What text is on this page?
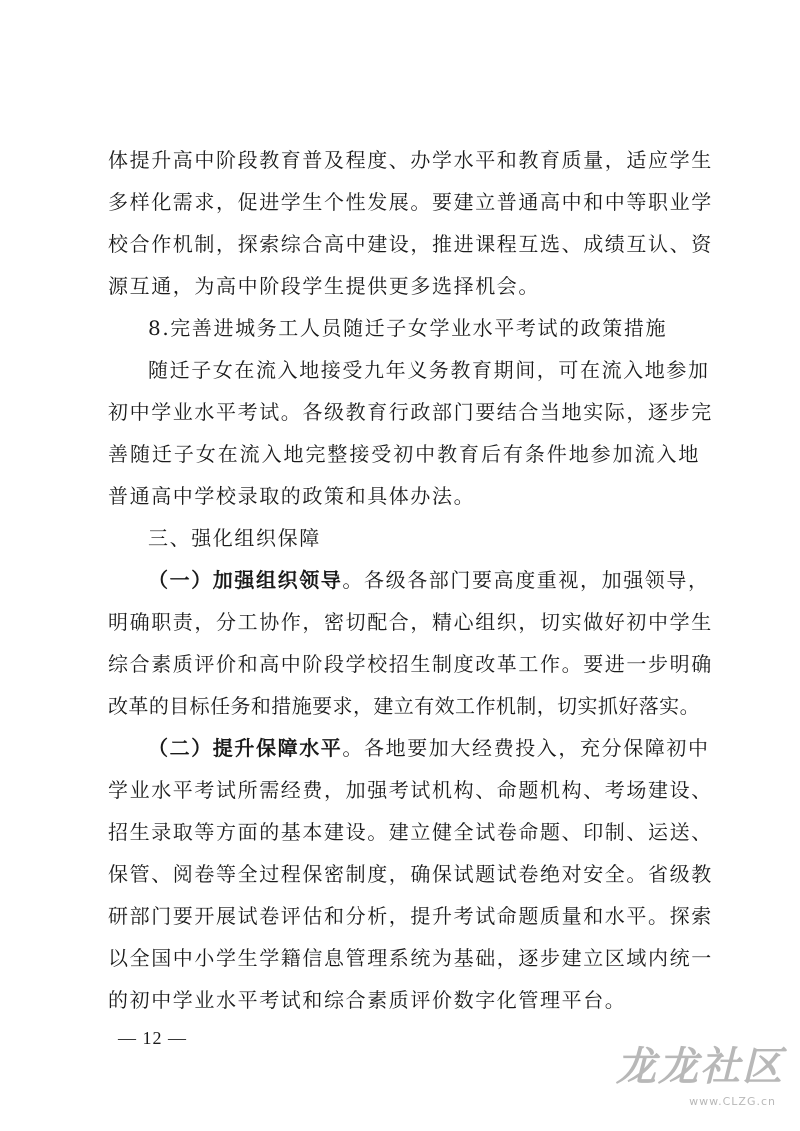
体提升高中阶段教育普及程度、办学水平和教育质量，适应学生
多样化需求，促进学生个性发展。要建立普通高中和中等职业学
校合作机制，探索综合高中建设，推进课程互选、成绩互认、资
源互通，为高中阶段学生提供更多选择机会。
8.完善进城务工人员随迁子女学业水平考试的政策措施
随迁子女在流入地接受九年义务教育期间，可在流入地参加
初中学业水平考试。各级教育行政部门要结合当地实际，逐步完
善随迁子女在流入地完整接受初中教育后有条件地参加流入地
普通高中学校录取的政策和具体办法。
三、强化组织保障
（一）加强组织领导 。各级各部门要高度重视，加强领导，
明确职责，分工协作，密切配合，精心组织，切实做好初中学生
综合素质评价和高中阶段学校招生制度改革工作。要进一步明确
改革的目标任务和措施要求，建立有效工作机制，切实抓好落实。
（二）提升保障水平 。各地要加大经费投入，充分保障初中
学业水平考试所需经费，加强考试机构、命题机构、考场建设、
招生录取等方面的基本建设。建立健全试卷命题、印制、运送、
保管、阅卷等全过程保密制度，确保试题试卷绝对安全。省级教
研部门要开展试卷评估和分析，提升考试命题质量和水平。探索
以全国中小学生学籍信息管理系统为基础，逐步建立区域内统一
的初中学业水平考试和综合素质评价数字化管理平台。
— 12 —
龙龙社区
www.CLZG.cn
